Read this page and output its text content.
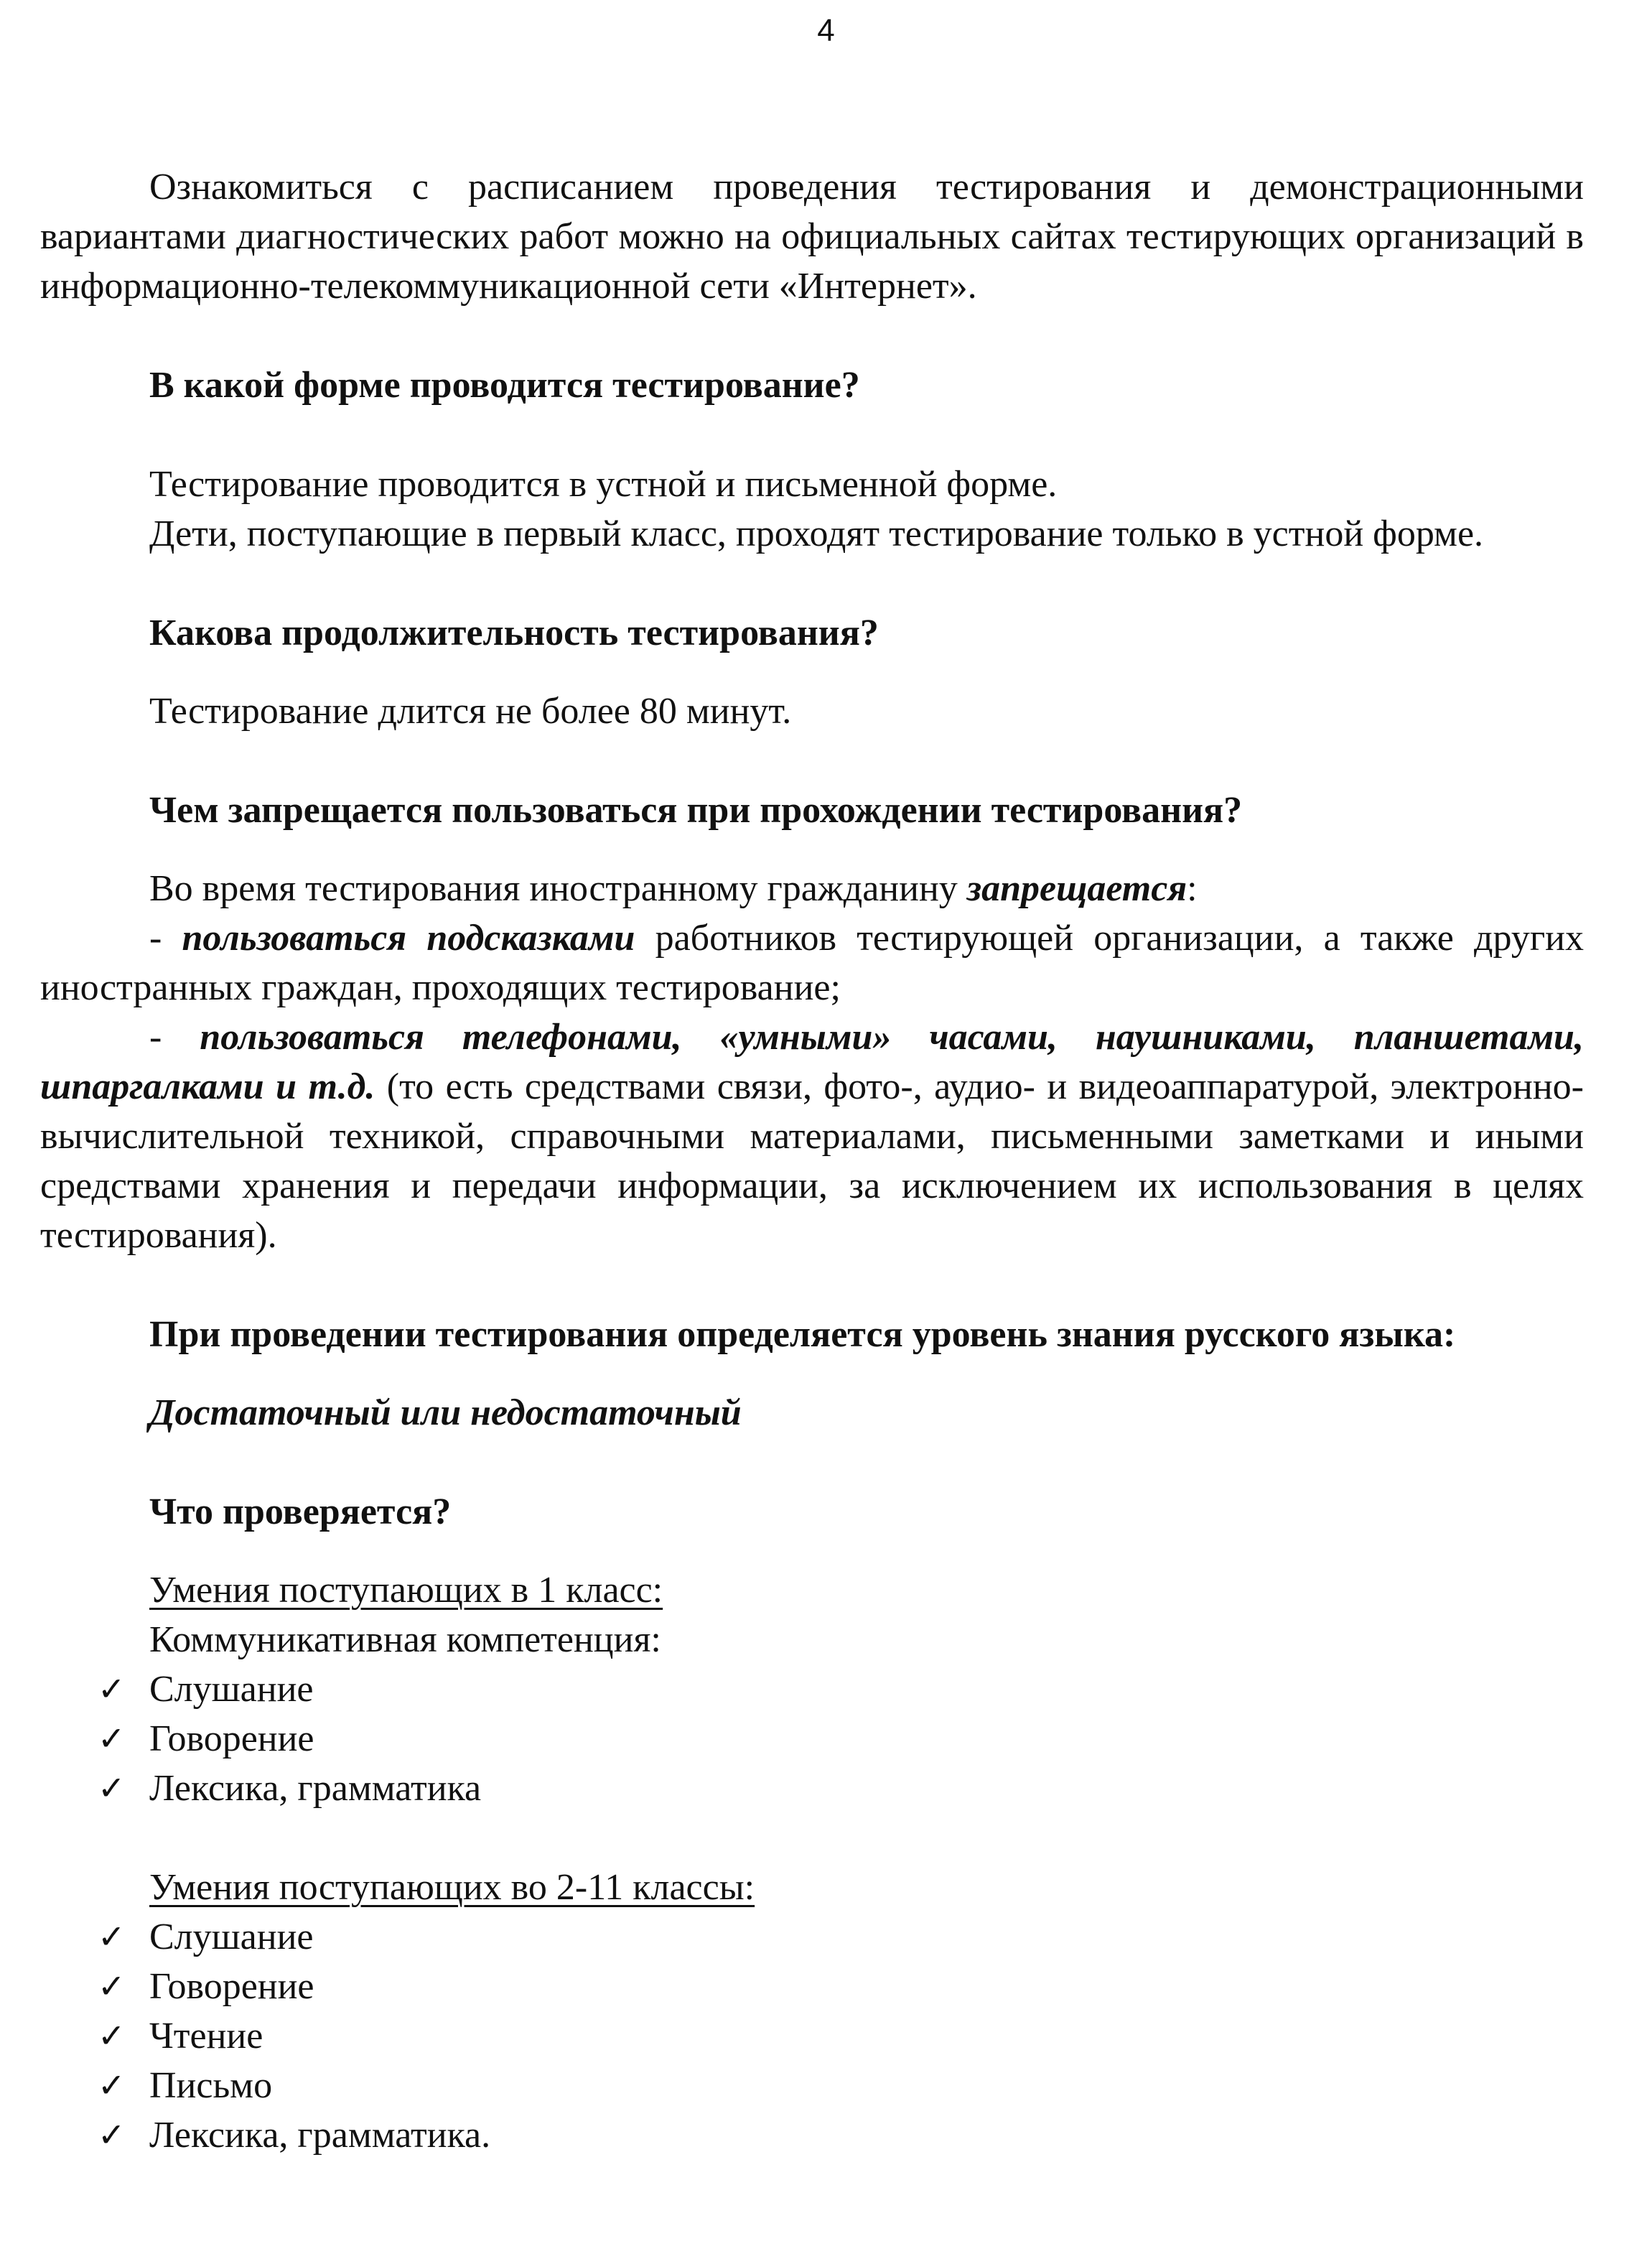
4

Ознакомиться с расписанием проведения тестирования и демонстрационными вариантами диагностических работ можно на официальных сайтах тестирующих организаций в информационно-телекоммуникационной сети «Интернет».

В какой форме проводится тестирование?

Тестирование проводится в устной и письменной форме.

Дети, поступающие в первый класс, проходят тестирование только в устной форме.

Какова продолжительность тестирования?

Тестирование длится не более 80 минут.

Чем запрещается пользоваться при прохождении тестирования?

Во время тестирования иностранному гражданину запрещается:

- пользоваться подсказками работников тестирующей организации, а также других иностранных граждан, проходящих тестирование;

- пользоваться телефонами, «умными» часами, наушниками, планшетами, шпаргалками и т.д. (то есть средствами связи, фото-, аудио- и видеоаппаратурой, электронно-вычислительной техникой, справочными материалами, письменными заметками и иными средствами хранения и передачи информации, за исключением их использования в целях тестирования).

При проведении тестирования определяется уровень знания русского языка:

Достаточный или недостаточный

Что проверяется?

Умения поступающих в 1 класс:

Коммуникативная компетенция:

✓ Слушание
✓ Говорение
✓ Лексика, грамматика

Умения поступающих во 2-11 классы:

✓ Слушание
✓ Говорение
✓ Чтение
✓ Письмо
✓ Лексика, грамматика.
